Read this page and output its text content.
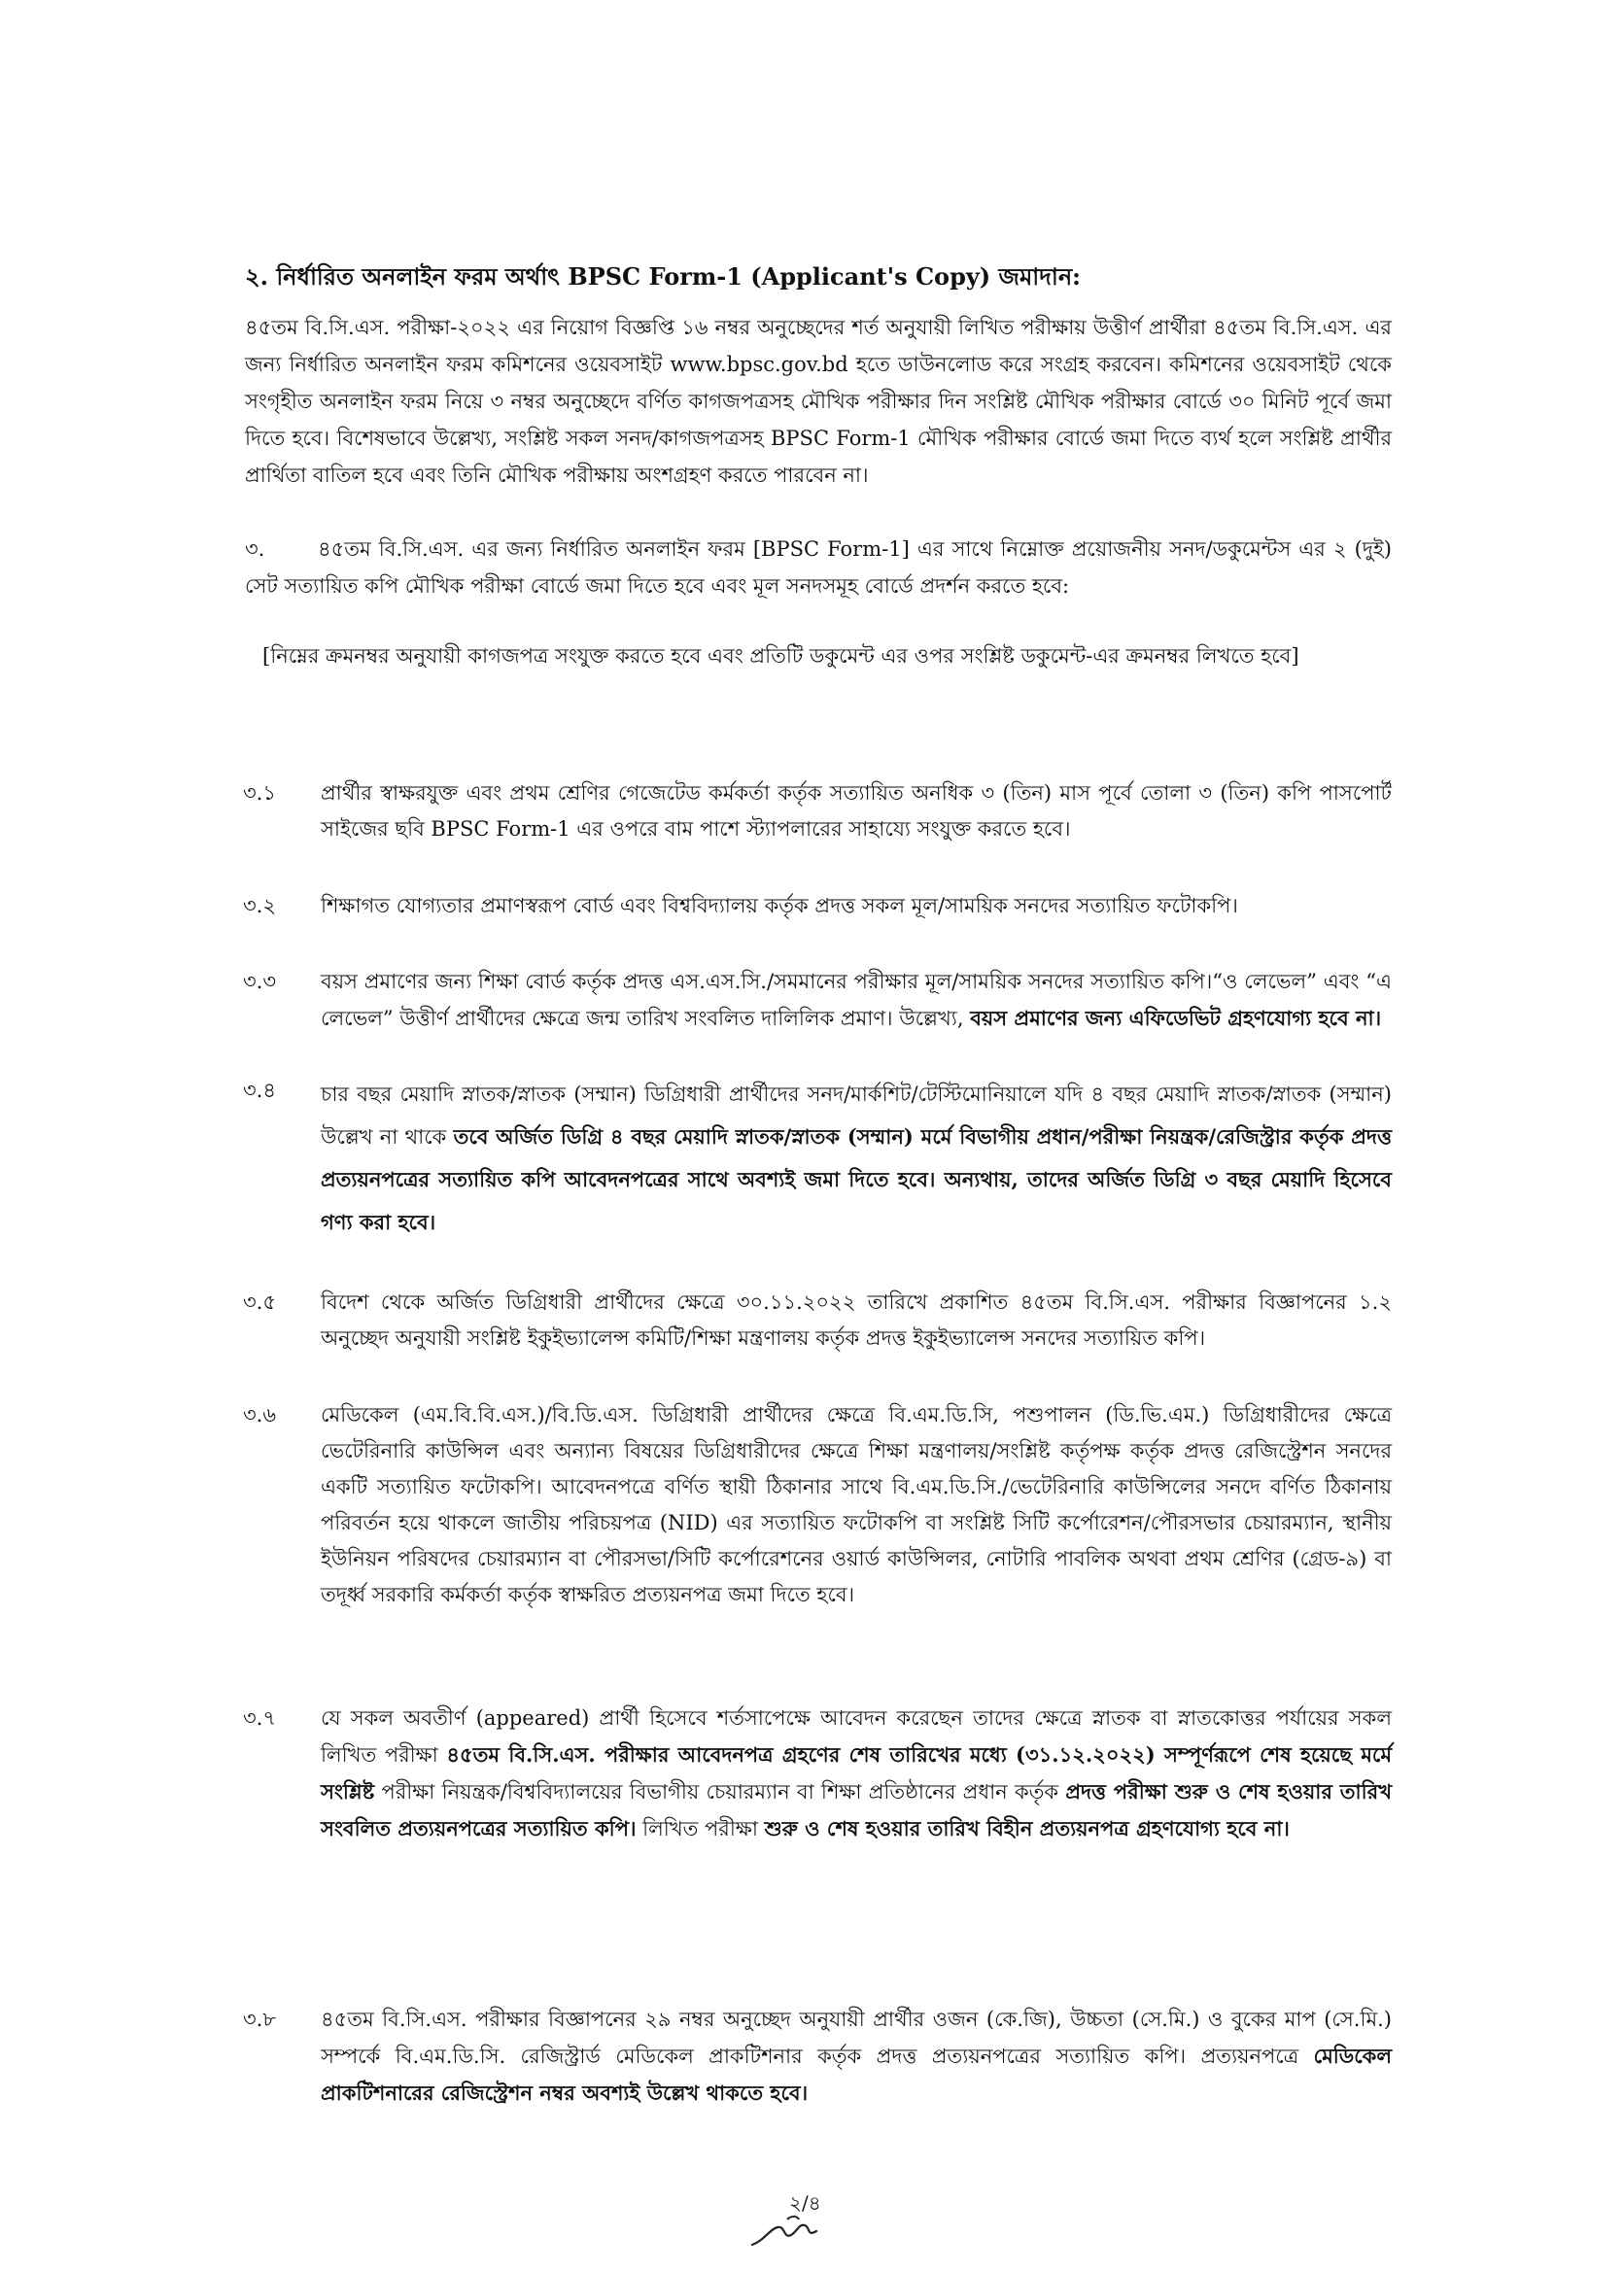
২. নির্ধারিত অনলাইন ফরম অর্থাৎ BPSC Form-1 (Applicant's Copy) জমাদান:
৪৫তম বি.সি.এস. পরীক্ষা-২০২২ এর নিয়োগ বিজ্ঞপ্তি ১৬ নম্বর অনুচ্ছেদের শর্ত অনুযায়ী লিখিত পরীক্ষায় উত্তীর্ণ প্রার্থীরা ৪৫তম বি.সি.এস. এর জন্য নির্ধারিত অনলাইন ফরম কমিশনের ওয়েবসাইট www.bpsc.gov.bd হতে ডাউনলোড করে সংগ্রহ করবেন। কমিশনের ওয়েবসাইট থেকে সংগৃহীত অনলাইন ফরম নিয়ে ৩ নম্বর অনুচ্ছেদে বর্ণিত কাগজপত্রসহ মৌখিক পরীক্ষার দিন সংশ্লিষ্ট মৌখিক পরীক্ষার বোর্ডে ৩০ মিনিট পূর্বে জমা দিতে হবে। বিশেষভাবে উল্লেখ্য, সংশ্লিষ্ট সকল সনদ/কাগজপত্রসহ BPSC Form-1 মৌখিক পরীক্ষার বোর্ডে জমা দিতে ব্যর্থ হলে সংশ্লিষ্ট প্রার্থীর প্রার্থিতা বাতিল হবে এবং তিনি মৌখিক পরীক্ষায় অংশগ্রহণ করতে পারবেন না।
৩.	৪৫তম বি.সি.এস. এর জন্য নির্ধারিত অনলাইন ফরম [BPSC Form-1] এর সাথে নিম্নোক্ত প্রয়োজনীয় সনদ/ডকুমেন্টস এর ২ (দুই) সেট সত্যায়িত কপি মৌখিক পরীক্ষা বোর্ডে জমা দিতে হবে এবং মূল সনদসমূহ বোর্ডে প্রদর্শন করতে হবে:
[নিম্নের ক্রমনম্বর অনুযায়ী কাগজপত্র সংযুক্ত করতে হবে এবং প্রতিটি ডকুমেন্ট এর ওপর সংশ্লিষ্ট ডকুমেন্ট-এর ক্রমনম্বর লিখতে হবে]
৩.১	প্রার্থীর স্বাক্ষরযুক্ত এবং প্রথম শ্রেণির গেজেটেড কর্মকর্তা কর্তৃক সত্যায়িত অনধিক ৩ (তিন) মাস পূর্বে তোলা ৩ (তিন) কপি পাসপোর্ট সাইজের ছবি BPSC Form-1 এর ওপরে বাম পাশে স্ট্যাপলারের সাহায্যে সংযুক্ত করতে হবে।
৩.২	শিক্ষাগত যোগ্যতার প্রমাণস্বরূপ বোর্ড এবং বিশ্ববিদ্যালয় কর্তৃক প্রদত্ত সকল মূল/সাময়িক সনদের সত্যায়িত ফটোকপি।
৩.৩	বয়স প্রমাণের জন্য শিক্ষা বোর্ড কর্তৃক প্রদত্ত এস.এস.সি./সমমানের পরীক্ষার মূল/সাময়িক সনদের সত্যায়িত কপি।“ও লেভেল” এবং “এ লেভেল” উত্তীর্ণ প্রার্থীদের ক্ষেত্রে জন্ম তারিখ সংবলিত দালিলিক প্রমাণ। উল্লেখ্য, বয়স প্রমাণের জন্য এফিডেভিট গ্রহণযোগ্য হবে না।
৩.৪	চার বছর মেয়াদি স্নাতক/স্নাতক (সম্মান) ডিগ্রিধারী প্রার্থীদের সনদ/মার্কশিট/টেস্টিমোনিয়ালে যদি ৪ বছর মেয়াদি স্নাতক/স্নাতক (সম্মান) উল্লেখ না থাকে তবে অর্জিত ডিগ্রি ৪ বছর মেয়াদি স্নাতক/স্নাতক (সম্মান) মর্মে বিভাগীয় প্রধান/পরীক্ষা নিয়ন্ত্রক/রেজিস্ট্রার কর্তৃক প্রদত্ত প্রত্যয়নপত্রের সত্যায়িত কপি আবেদনপত্রের সাথে অবশ্যই জমা দিতে হবে। অন্যথায়, তাদের অর্জিত ডিগ্রি ৩ বছর মেয়াদি হিসেবে গণ্য করা হবে।
৩.৫	বিদেশ থেকে অর্জিত ডিগ্রিধারী প্রার্থীদের ক্ষেত্রে ৩০.১১.২০২২ তারিখে প্রকাশিত ৪৫তম বি.সি.এস. পরীক্ষার বিজ্ঞাপনের ১.২ অনুচ্ছেদ অনুযায়ী সংশ্লিষ্ট ইকুইভ্যালেন্স কমিটি/শিক্ষা মন্ত্রণালয় কর্তৃক প্রদত্ত ইকুইভ্যালেন্স সনদের সত্যায়িত কপি।
৩.৬	মেডিকেল (এম.বি.বি.এস.)/বি.ডি.এস. ডিগ্রিধারী প্রার্থীদের ক্ষেত্রে বি.এম.ডি.সি, পশুপালন (ডি.ভি.এম.) ডিগ্রিধারীদের ক্ষেত্রে ভেটেরিনারি কাউন্সিল এবং অন্যান্য বিষয়ের ডিগ্রিধারীদের ক্ষেত্রে শিক্ষা মন্ত্রণালয়/সংশ্লিষ্ট কর্তৃপক্ষ কর্তৃক প্রদত্ত রেজিস্ট্রেশন সনদের একটি সত্যায়িত ফটোকপি। আবেদনপত্রে বর্ণিত স্থায়ী ঠিকানার সাথে বি.এম.ডি.সি./ভেটেরিনারি কাউন্সিলের সনদে বর্ণিত ঠিকানায় পরিবর্তন হয়ে থাকলে জাতীয় পরিচয়পত্র (NID) এর সত্যায়িত ফটোকপি বা সংশ্লিষ্ট সিটি কর্পোরেশন/পৌরসভার চেয়ারম্যান, স্থানীয় ইউনিয়ন পরিষদের চেয়ারম্যান বা পৌরসভা/সিটি কর্পোরেশনের ওয়ার্ড কাউন্সিলর, নোটারি পাবলিক অথবা প্রথম শ্রেণির (গ্রেড-৯) বা তদূর্ধ্ব সরকারি কর্মকর্তা কর্তৃক স্বাক্ষরিত প্রত্যয়নপত্র জমা দিতে হবে।
৩.৭	যে সকল অবতীর্ণ (appeared) প্রার্থী হিসেবে শর্তসাপেক্ষে আবেদন করেছেন তাদের ক্ষেত্রে স্নাতক বা স্নাতকোত্তর পর্যায়ের সকল লিখিত পরীক্ষা ৪৫তম বি.সি.এস. পরীক্ষার আবেদনপত্র গ্রহণের শেষ তারিখের মধ্যে (৩১.১২.২০২২) সম্পূর্ণরূপে শেষ হয়েছে মর্মে সংশ্লিষ্ট পরীক্ষা নিয়ন্ত্রক/বিশ্ববিদ্যালয়ের বিভাগীয় চেয়ারম্যান বা শিক্ষা প্রতিষ্ঠানের প্রধান কর্তৃক প্রদত্ত পরীক্ষা শুরু ও শেষ হওয়ার তারিখ সংবলিত প্রত্যয়নপত্রের সত্যায়িত কপি। লিখিত পরীক্ষা শুরু ও শেষ হওয়ার তারিখ বিহীন প্রত্যয়নপত্র গ্রহণযোগ্য হবে না।
৩.৮	৪৫তম বি.সি.এস. পরীক্ষার বিজ্ঞাপনের ২৯ নম্বর অনুচ্ছেদ অনুযায়ী প্রার্থীর ওজন (কে.জি), উচ্চতা (সে.মি.) ও বুকের মাপ (সে.মি.) সম্পর্কে বি.এম.ডি.সি. রেজিস্ট্রার্ড মেডিকেল প্রাকটিশনার কর্তৃক প্রদত্ত প্রত্যয়নপত্রের সত্যায়িত কপি। প্রত্যয়নপত্রে মেডিকেল প্রাকটিশনারের রেজিস্ট্রেশন নম্বর অবশ্যই উল্লেখ থাকতে হবে।
২/৪
